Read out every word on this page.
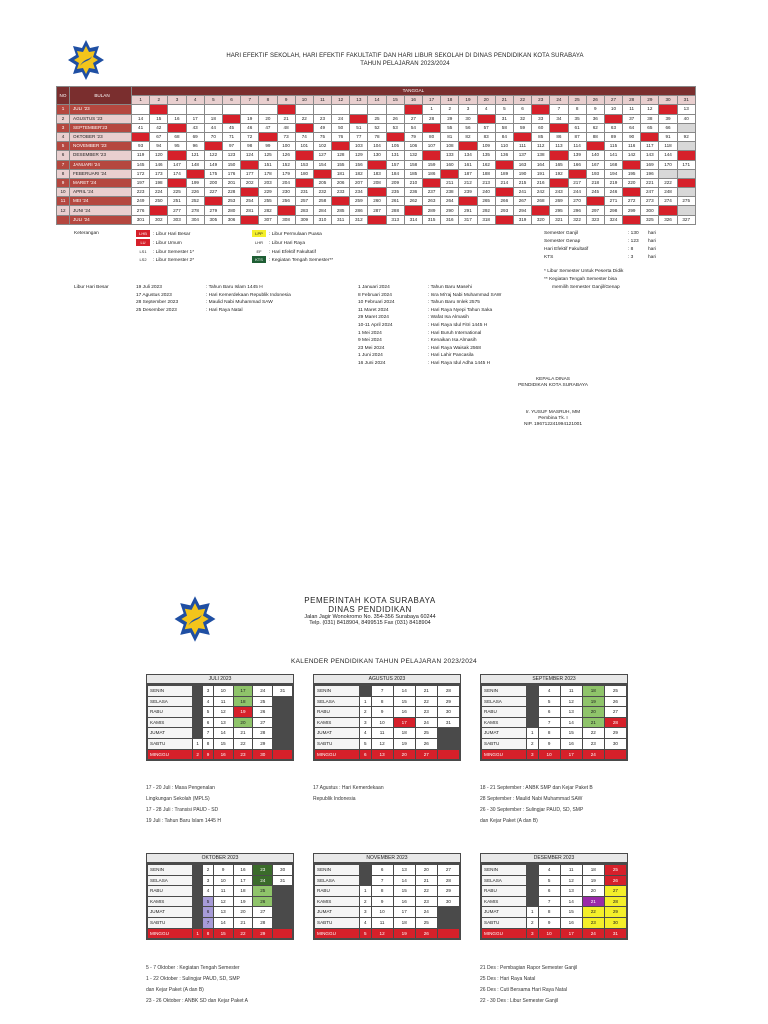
HARI EFEKTIF SEKOLAH, HARI EFEKTIF FAKULTATIF DAN HARI LIBUR SEKOLAH DI DINAS PENDIDIKAN KOTA SURABAYA
TAHUN PELAJARAN 2023/2024
NO	BULAN	TANGGAL																														
		1	2	3	4	5	6	7	8	9	10	11	12	13	14	15	16	17	18	19	20	21	22	23	24	25	26	27	28	29	30	31
1	JULI '23																	1	2	3	4	5	6		7	8	9	10	11	12		13
2	AGUSTUS '23	14	15	16	17	18		19	20	21	22	23	24		25	26	27	28	29	30		31	32	33	34	35	36		37	38	39	40
3	SEPTEMBER'23	41	42		43	44	45	46	47	48		49	50	51	52	53	54		55	56	57	58	59	60		61	62	63	64	65	66	
4	OKTOBER '23		67	68	69	70	71	72		73	74	75	76	77	78		79	80	81	82	83	84		85	86	87	88	89	90		91	92
5	NOVEMBER '23	93	94	95	96		97	98	99	100	101	102		103	104	105	106	107	108		109	110	111	112	113	114		115	116	117	118	
6	DESEMBER '23	119	120		121	122	123	124	125	126		127	128	129	130	131	132		133	134	135	136	137	138		139	140	141	142	143	144	
7	JANUARI '24	145	146	147	148	149	150		151	152	153	154	155	156		157	158	159	160	161	162		163	164	165	166	167	168		169	170	171
8	FEBERUARI '24	172	173	174		175	176	177	178	179	180		181	182	183	184	185	186		187	188	189	190	191	192		193	194	195	196		
9	MARET '24	197	198		199	200	201	202	203	204		205	206	207	208	209	210		211	212	213	214	215	216		217	218	219	220	221	222	
10	APRIL '24	223	224	225	226	227	228		229	230	231	232	233	234		235	236	237	238	239	240		241	242	243	244	245	246		247	248	
11	MEI '24	249	250	251	252		253	254	255	256	257	258		259	260	261	262	263	264		265	266	267	268	269	270		271	272	273	274	275
12	JUNI '24	276		277	278	279	280	281	282		283	284	285	286	287	288		289	290	291	292	293	294		295	296	297	298	299	300		
	JULI '24	301	302	303	304	305	306		307	308	309	310	311	312		313	314	315	316	317	318		319	320	321	322	323	324		325	326	327
Keterangan	LHB : Libur Hari Besar
LU : Libur Umum
LS1 : Libur Semester 1*
LS2 : Libur Semester 2*
LPP : Libur Permulaan Puasa
LHR : Libur Hari Raya
EF : Hari Efektif Fakultatif
KTS : Kegiatan Tengah Semester**
Semester Ganjil	: 130 hari
Semester Genap	: 123 hari
Hari Efektif Fakultatif	: 8	hari
KTS	: 3	hari
* Libur Semester Untuk Peserta Didik
** Kegiatan Tengah Semester bisa
memilih Semester Ganjil/Genap
Libur Hari Besar	19 Juli 2023	: Tahun Baru Islam 1445 H
17 Agustus 2023	: Hari Kemerdekaan Republik Indonesia
28 September 2023	: Maulid Nabi Muhammad SAW
25 Desember 2023	: Hari Raya Natal
1 Januari 2024	: Tahun Baru Masehi
8 Februari 2024	: Isra Mi'raj Nabi Muhammad SAW
10 Februari 2024	: Tahun Baru Imlek 2575
11 Maret 2024	: Hari Raya Nyepi Tahun Saka
29 Maret 2024	: Wafat Isa Almasih
10-11 April 2024	: Hari Raya Idul Fitri 1445 H
1 Mei 2024	: Hari Buruh International
9 Mei 2024	: Kenaikan Isa Almasih
23 Mei 2024	: Hari Raya Waisak 2568
1 Juni 2024	: Hari Lahir Pancasila
16 Juni 2024	: Hari Raya Idul Adha 1445 H
KEPALA DINAS
PENDIDIKAN KOTA SURABAYA
Ir. YUSUF MASRUH, MM
Pembina Tk. I
NIP. 196712241994121001
PEMERINTAH KOTA SURABAYA
DINAS PENDIDIKAN
Jalan Jagir Wonokromo No. 354-356 Surabaya 60244
Telp. (031) 8418904, 8499515 Fax (031) 8418904
KALENDER PENDIDIKAN TAHUN PELAJARAN 2023/2024
JULI 2023
SENIN		3	10	17	24	31
SELASA		4	11	18	25	
RABU		5	12	19	26	
KAMIS		6	13	20	27	
JUMAT		7	14	21	28	
SABTU	1	8	15	22	29	
MINGGU	2	9	16	23	30	
AGUSTUS 2023
SENIN		7	14	21	28
SELASA	1	8	15	22	29
RABU	2	9	16	23	30
KAMIS	3	10	17	24	31
JUMAT	4	11	18	25	
SABTU	5	12	19	26	
MINGGU	6	13	20	27	
SEPTEMBER 2023
SENIN		4	11	18	25
SELASA		5	12	19	26
RABU		6	13	20	27
KAMIS		7	14	21	28
JUMAT	1	8	15	22	29
SABTU	2	9	16	23	30
MINGGU	3	10	17	24	
OKTOBER 2023
SENIN		2	9	16	23	30
SELASA		3	10	17	24	31
RABU		4	11	18	25	
KAMIS		5	12	19	26	
JUMAT		6	13	20	27	
SABTU		7	14	21	28	
MINGGU	1	8	15	22	29	
NOVEMBER 2023
SENIN		6	13	20	27
SELASA		7	14	21	28
RABU	1	8	15	22	29
KAMIS	2	9	16	23	30
JUMAT	3	10	17	24	
SABTU	4	11	18	25	
MINGGU	5	12	19	26	
DESEMBER 2023
SENIN		4	11	18	25
SELASA		5	12	19	26
RABU		6	13	20	27
KAMIS		7	14	21	28
JUMAT	1	8	15	22	29
SABTU	2	9	16	23	30
MINGGU	3	10	17	24	31
17 - 20 Juli : Masa Pengenalan
Lingkungan Sekolah (MPLS)
17 - 28 Juli : Transisi PAUD - SD
19 Juli : Tahun Baru Islam 1445 H
17 Agustus : Hari Kemerdekaan
Republik Indonesia
18 - 21 September : ANBK SMP dan Kejar Paket B
28 September : Maulid Nabi Muhammad SAW
26 - 30 September : Sulingjar PAUD, SD, SMP
dan Kejar Paket (A dan B)
5 - 7 Oktober : Kegiatan Tengah Semester
1 - 22 Oktober : Sulingjar PAUD, SD, SMP
dan Kejar Paket (A dan B)
23 - 26 Oktober : ANBK SD dan Kejar Paket A
21 Des : Pembagian Rapor Semester Ganjil
25 Des : Hari Raya Natal
26 Des : Cuti Bersama Hari Raya Natal
22 - 30 Des : Libur Semester Ganjil
